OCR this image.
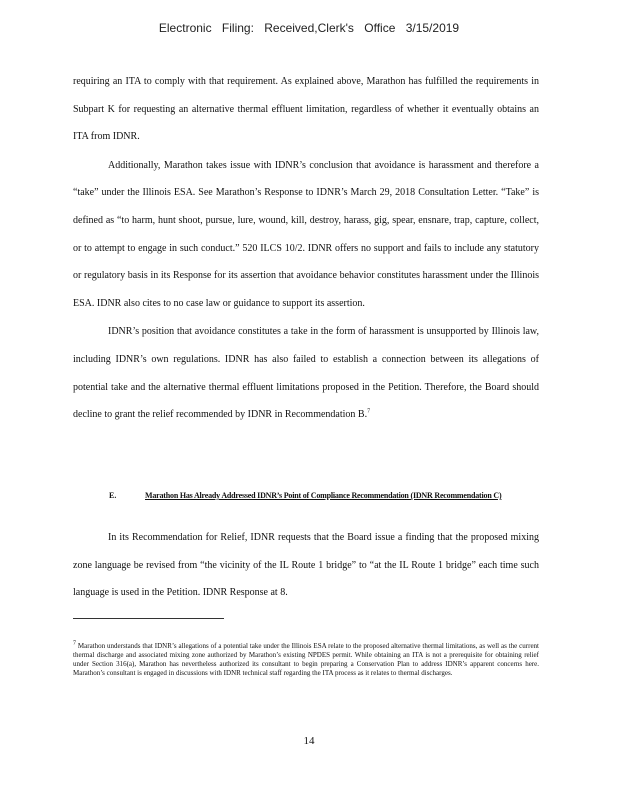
Electronic Filing: Received,Clerk's Office 3/15/2019

requiring an ITA to comply with that requirement. As explained above, Marathon has fulfilled the requirements in Subpart K for requesting an alternative thermal effluent limitation, regardless of whether it eventually obtains an ITA from IDNR.

Additionally, Marathon takes issue with IDNR’s conclusion that avoidance is harassment and therefore a “take” under the Illinois ESA. See Marathon’s Response to IDNR’s March 29, 2018 Consultation Letter. “Take” is defined as “to harm, hunt shoot, pursue, lure, wound, kill, destroy, harass, gig, spear, ensnare, trap, capture, collect, or to attempt to engage in such conduct.” 520 ILCS 10/2. IDNR offers no support and fails to include any statutory or regulatory basis in its Response for its assertion that avoidance behavior constitutes harassment under the Illinois ESA. IDNR also cites to no case law or guidance to support its assertion.

IDNR’s position that avoidance constitutes a take in the form of harassment is unsupported by Illinois law, including IDNR’s own regulations. IDNR has also failed to establish a connection between its allegations of potential take and the alternative thermal effluent limitations proposed in the Petition. Therefore, the Board should decline to grant the relief recommended by IDNR in Recommendation B.$^7$

E.	Marathon Has Already Addressed IDNR’s Point of Compliance Recommendation (IDNR Recommendation C)

In its Recommendation for Relief, IDNR requests that the Board issue a finding that the proposed mixing zone language be revised from “the vicinity of the IL Route 1 bridge” to “at the IL Route 1 bridge” each time such language is used in the Petition. IDNR Response at 8.

$^7$ Marathon understands that IDNR’s allegations of a potential take under the Illinois ESA relate to the proposed alternative thermal limitations, as well as the current thermal discharge and associated mixing zone authorized by Marathon’s existing NPDES permit. While obtaining an ITA is not a prerequisite for obtaining relief under Section 316(a), Marathon has nevertheless authorized its consultant to begin preparing a Conservation Plan to address IDNR’s apparent concerns here. Marathon’s consultant is engaged in discussions with IDNR technical staff regarding the ITA process as it relates to thermal discharges.
14
